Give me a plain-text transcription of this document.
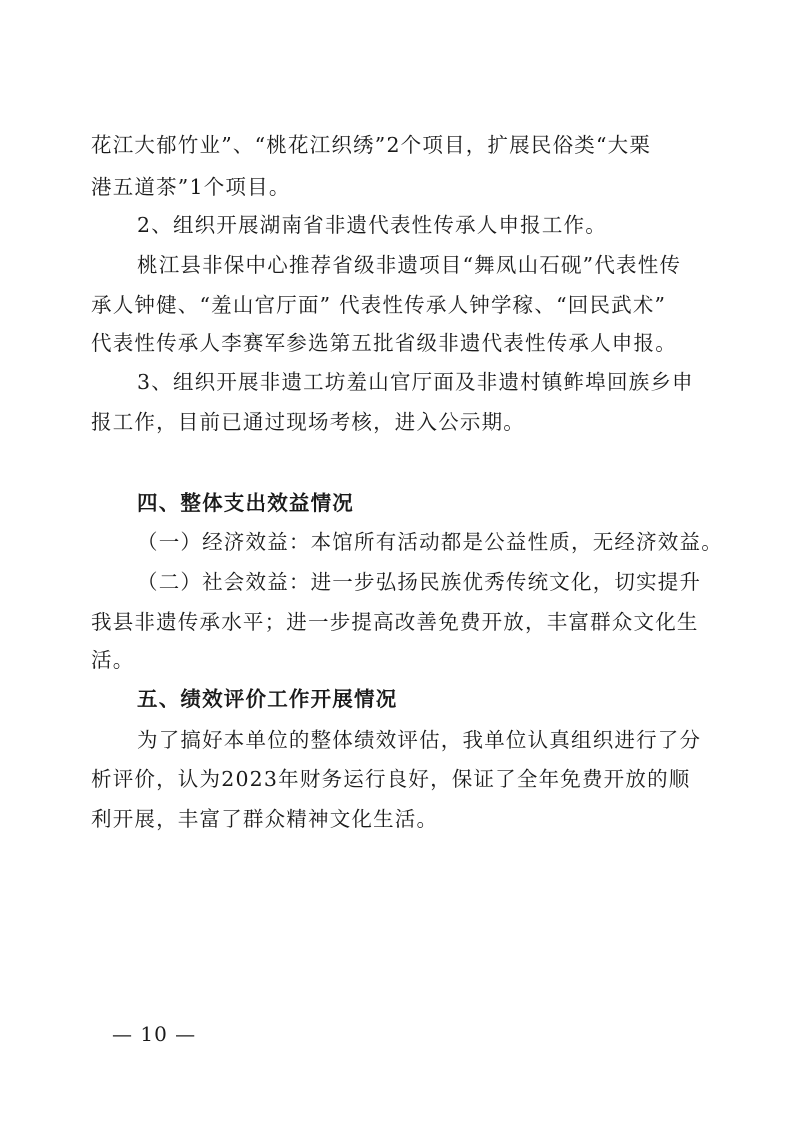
花江大郁竹业”、“桃花江织绣”2个项目，扩展民俗类“大栗
港五道茶”1个项目。
2、组织开展湖南省非遗代表性传承人申报工作。
桃江县非保中心推荐省级非遗项目“舞凤山石砚”代表性传
承人钟健、“羞山官厅面” 代表性传承人钟学稼、“回民武术”
代表性传承人李赛军参选第五批省级非遗代表性传承人申报。
3、组织开展非遗工坊羞山官厅面及非遗村镇鲊埠回族乡申
报工作，目前已通过现场考核，进入公示期。
四、整体支出效益情况
（一）经济效益：本馆所有活动都是公益性质，无经济效益。
（二）社会效益：进一步弘扬民族优秀传统文化，切实提升
我县非遗传承水平；进一步提高改善免费开放，丰富群众文化生
活。
五、绩效评价工作开展情况
为了搞好本单位的整体绩效评估，我单位认真组织进行了分
析评价，认为2023年财务运行良好，保证了全年免费开放的顺
利开展，丰富了群众精神文化生活。
— 10 —
